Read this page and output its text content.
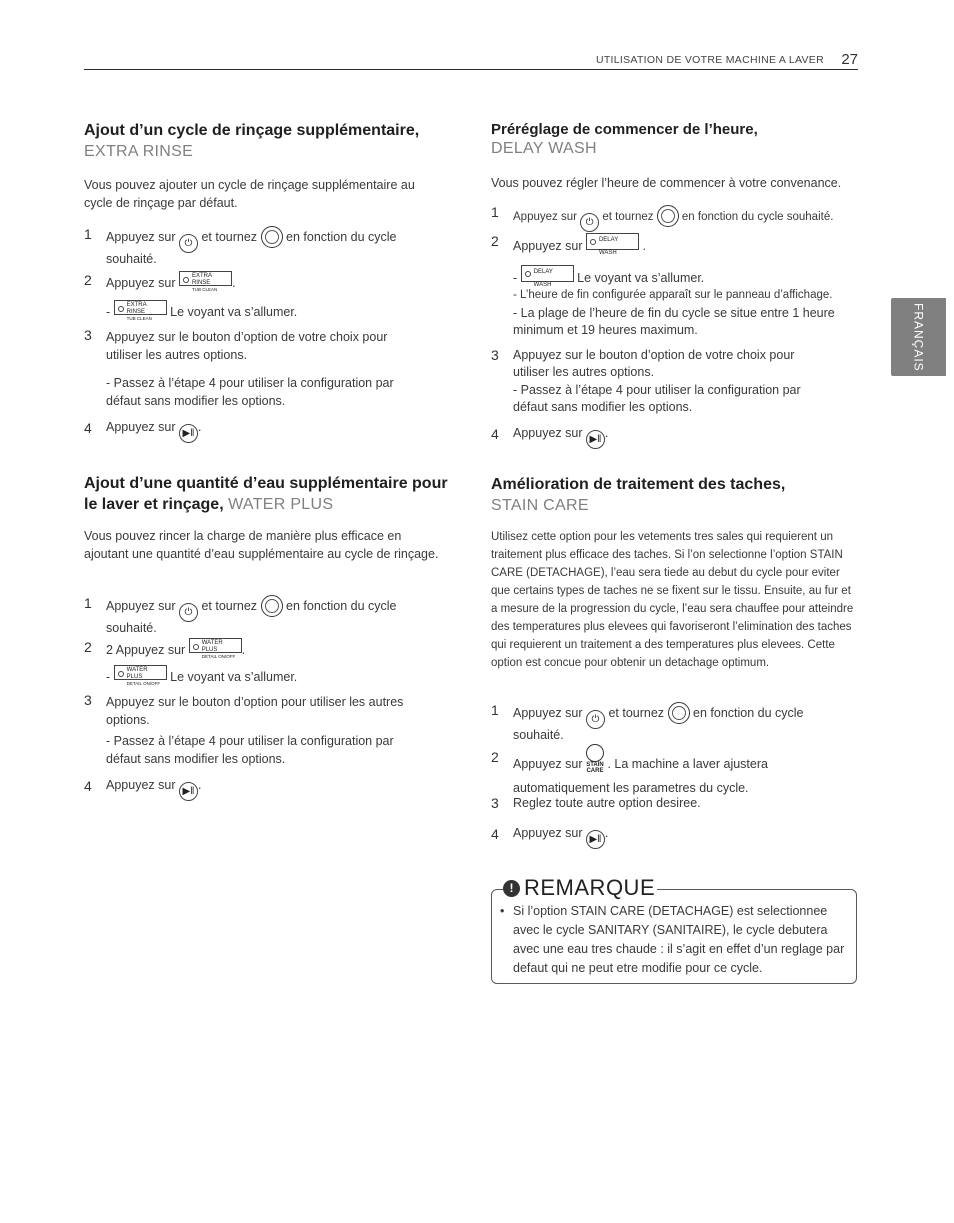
UTILISATION DE VOTRE MACHINE A LAVER 27
FRANÇAIS
Ajout d’un cycle de rinçage supplémentaire,
EXTRA RINSE

Vous pouvez ajouter un cycle de rinçage supplémentaire au cycle de rinçage par défaut.

1 Appuyez sur ⏻ et tournez en fonction du cycle
souhaité.
2 Appuyez sur	EXTRA RINSE
TUB CLEAN	.
- EXTRA RINSE
TUB CLEAN	Le voyant va s’allumer.
3 Appuyez sur le bouton d’option de votre choix pour utiliser les autres options.
- Passez à l’étape 4 pour utiliser la configuration par défaut sans modifier les options.
4 Appuyez sur ▶‖ .
Ajout d’une quantité d’eau supplémentaire pour le laver et rinçage, WATER PLUS

Vous pouvez rincer la charge de manière plus efficace en ajoutant une quantité d’eau supplémentaire au cycle de rinçage.

1 Appuyez sur ⏻ et tournez en fonction du cycle
souhaité.
2 2 Appuyez sur	WATER PLUS
DETAIL ON/OFF .
- WATER PLUS
DETAIL ON/OFF Le voyant va s’allumer.
3 Appuyez sur le bouton d’option pour utiliser les autres options.
- Passez à l’étape 4 pour utiliser la configuration par défaut sans modifier les options.
4 Appuyez sur ▶‖ .
Préréglage de commencer de l’heure,
DELAY WASH

Vous pouvez régler l’heure de commencer à votre convenance.

1 Appuyez sur ⏻ et tournez en fonction du cycle souhaité.
2 Appuyez sur	DELAY WASH .
- DELAY WASH Le voyant va s’allumer.
- L’heure de fin configurée apparaît sur le panneau d’affichage.
- La plage de l’heure de fin du cycle se situe entre 1 heure minimum et 19 heures maximum.
3 Appuyez sur le bouton d’option de votre choix pour utiliser les autres options.
- Passez à l’étape 4 pour utiliser la configuration par défaut sans modifier les options.
4 Appuyez sur ▶‖ .
Amélioration de traitement des taches,
STAIN CARE

Utilisez cette option pour les vetements tres sales qui requierent un traitement plus efficace des taches. Si l’on selectionne l’option STAIN CARE (DETACHAGE), l’eau sera tiede au debut du cycle pour eviter que certains types de taches ne se fixent sur le tissu. Ensuite, au fur et a mesure de la progression du cycle, l’eau sera chauffee pour atteindre des temperatures plus elevees qui favoriseront l’elimination des taches qui requierent un traitement a des temperatures plus elevees. Cette option est concue pour obtenir un detachage optimum.

1 Appuyez sur ⏻ et tournez en fonction du cycle
souhaité.
2 Appuyez sur STAIN
CARE . La machine a laver ajustera
automatiquement les parametres du cycle.
3 Reglez toute autre option desiree.
4 Appuyez sur ▶‖ .
! REMARQUE
• Si l’option STAIN CARE (DETACHAGE) est selectionnee avec le cycle SANITARY (SANITAIRE), le cycle debutera avec une eau tres chaude : il s’agit en effet d’un reglage par defaut qui ne peut etre modifie pour ce cycle.
